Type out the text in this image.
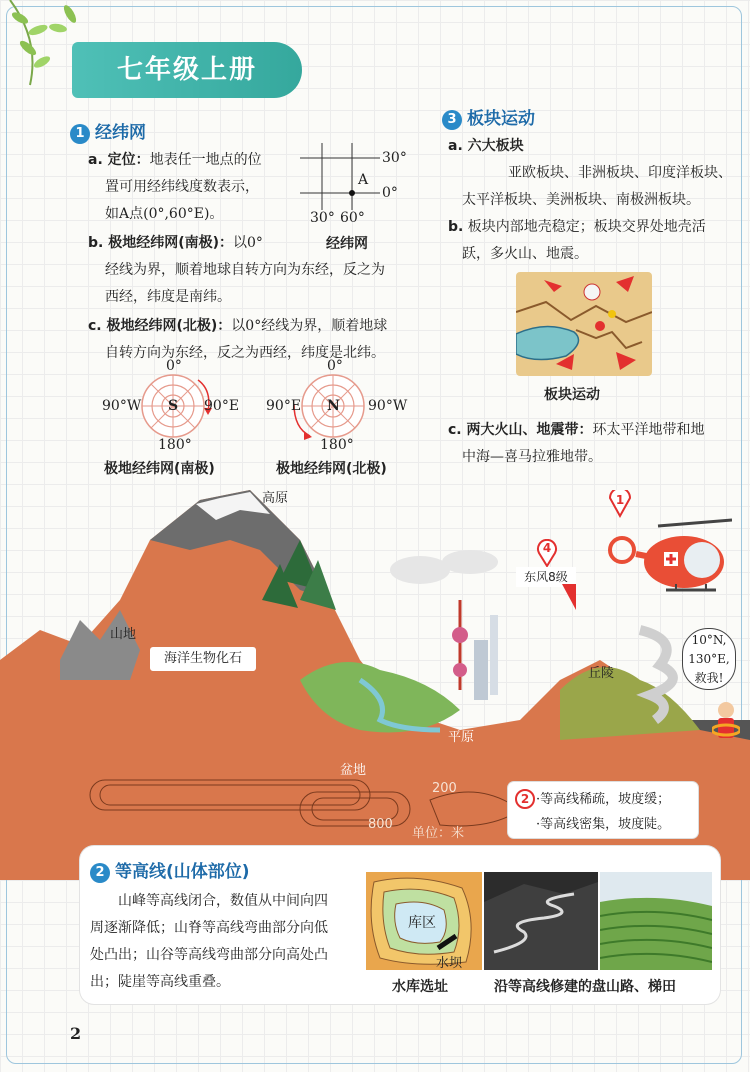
七年级上册
1 经纬网
a. 定位：地表任一地点的位
置可用经纬线度数表示，
如A点(0°,60°E)。
30°
0°
A
30° 60°
经纬网
b. 极地经纬网(南极)：以0°
经线为界，顺着地球自转方向为东经，反之为
西经，纬度是南纬。
c. 极地经纬网(北极)：以0°经线为界，顺着地球
自转方向为东经，反之为西经，纬度是北纬。
0°
90°W S 90°E
180°
极地经纬网(南极)
0°
90°E N 90°W
180°
极地经纬网(北极)
3 板块运动
a. 六大板块
亚欧板块、非洲板块、印度洋板块、
太平洋板块、美洲板块、南极洲板块。
b. 板块内部地壳稳定；板块交界处地壳活
跃，多火山、地震。
板块运动
c. 两大火山、地震带：环太平洋地带和地
中海—喜马拉雅地带。
高原
山地
海洋生物化石
盆地
平原
丘陵
4
东风8级
1
10°N,
130°E,
救我!
200
800
单位：米
2 ·等高线稀疏，坡度缓；
·等高线密集，坡度陡。
2 等高线(山体部位)
山峰等高线闭合，数值从中间向四
周逐渐降低；山脊等高线弯曲部分向低
处凸出；山谷等高线弯曲部分向高处凸
出；陡崖等高线重叠。
库区
水坝
水库选址	沿等高线修建的盘山路、梯田
2
